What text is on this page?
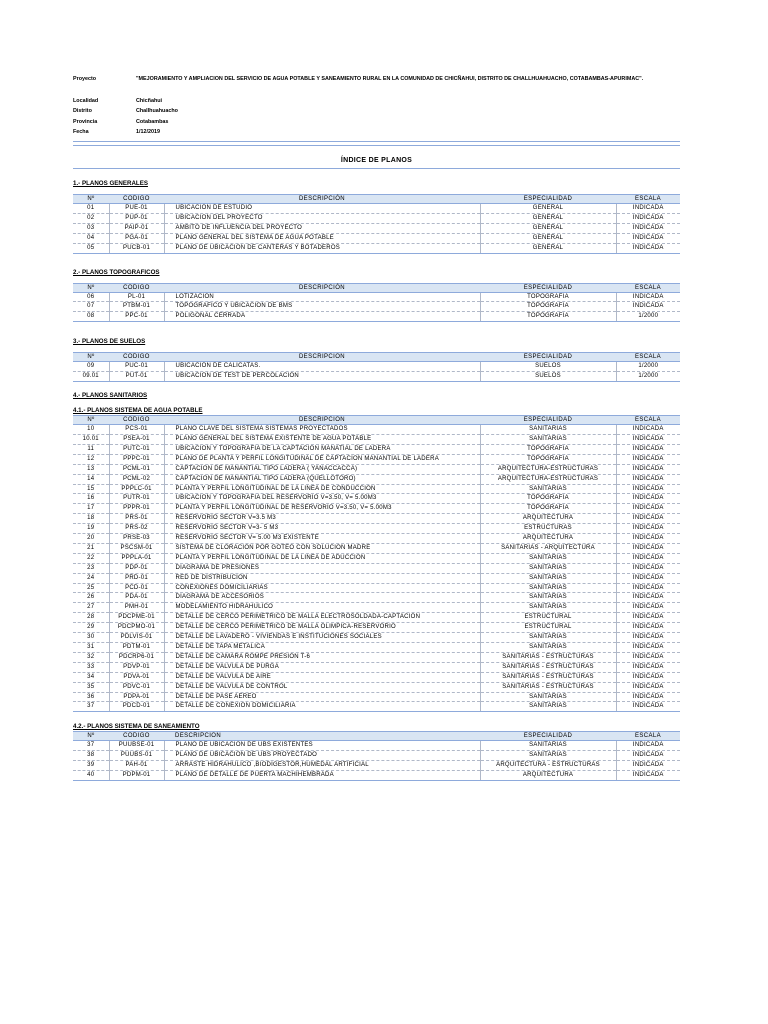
Proyecto	"MEJORAMIENTO Y AMPLIACION DEL SERVICIO DE AGUA POTABLE Y SANEAMIENTO RURAL EN LA COMUNIDAD DE CHICÑAHUI, DISTRITO DE CHALLHUAHUACHO, COTABAMBAS-APURIMAC".
Localidad	Chicñahui
Distrito	Challhuahuacho
Provincia	Cotabambas
Fecha	1/12/2019
ÍNDICE DE PLANOS
1.- PLANOS GENERALES
Nº	CODIGO	DESCRIPCIÓN	ESPECIALIDAD	ESCALA
01	PUE-01	UBICACIÓN DE ESTUDIO	GENERAL	INDICADA
02	PUP-01	UBICACIÓN DEL PROYECTO	GENERAL	INDICADA
03	PAIP-01	AMBITO DE INFLUENCIA DEL PROYECTO	GENERAL	INDICADA
04	PGA-01	PLANO GENERAL DEL SISTEMA DE AGUA POTABLE	GENERAL	INDICADA
05	PUCB-01	PLANO DE UBICACIÓN DE CANTERAS Y BOTADEROS	GENERAL	INDICADA
2.- PLANOS TOPOGRAFICOS
Nº	CODIGO	DESCRIPCIÓN	ESPECIALIDAD	ESCALA
06	PL-01	LOTIZACIÓN	TOPOGRAFIA	INDICADA
07	PTBM-01	TOPOGRAFICO Y UBICACIÓN DE BMS	TOPOGRAFIA	INDICADA
08	PPC-01	POLIGONAL CERRADA	TOPOGRAFIA	1/2000
3.- PLANOS DE SUELOS
Nº	CODIGO	DESCRIPCION	ESPECIALIDAD	ESCALA
09	PUC-01	UBICACIÓN DE CALICATAS.	SUELOS	1/2000
09.01	PUT-01	UBICACIÓN DE TEST DE PERCOLACION	SUELOS	1/2000
4.- PLANOS SANITARIOS
4.1.- PLANOS SISTEMA DE AGUA POTABLE
Nº	CODIGO	DESCRIPCION	ESPECIALIDAD	ESCALA
10	PCS-01	PLANO CLAVE DEL SISTEMA SISTEMAS PROYECTADOS	SANITARIAS	INDICADA
10.01	PSEA-01	PLANO GENERAL DEL SISTEMA EXISTENTE DE AGUA POTABLE	SANITARIAS	INDICADA
11	PUTC-01	UBICACIÓN Y TOPOGRAFIA DE LA CAPTACIÓN MANATIAL DE LADERA	TOPOGRAFIA	INDICADA
12	PPPC-01	PLANO DE PLANTA Y PERFIL LONGITUDINAL DE CAPTACION MANANTIAL DE LADERA	TOPOGRAFIA	INDICADA
13	PCML-01	CAPTACIÓN DE MANANTIAL TIPO LADERA ( YANACCACCA)	ARQUITECTURA-ESTRUCTURAS	INDICADA
14	PCML-02	CAPTACIÓN DE MANANTIAL TIPO LADERA (QUELLOTORO)	ARQUITECTURA-ESTRUCTURAS	INDICADA
15	PPPLC-01	PLANTA Y PERFIL LONGITUDINAL DE LA LINEA DE CONDUCCIÓN	SANITARIAS	INDICADA
16	PUTR-01	UBICACIÓN Y TOPOGRAFIA DEL RESERVORIO V=3.50, V= 5.00M3	TOPOGRAFIA	INDICADA
17	PPPR-01	PLANTA Y PERFIL LONGITUDINAL DE RESERVORIO V=3.50, V= 5.00M3	TOPOGRAFIA	INDICADA
18	PRS-01	RESERVORIO SECTOR V=3.5 M3	ARQUITECTURA	INDICADA
19	PRS-02	RESERVORIO SECTOR V=3- 5 M3	ESTRUCTURAS	INDICADA
20	PRSE-03	RESERVORIO SECTOR V= 5.00 M3 EXISTENTE	ARQUITECTURA	INDICADA
21	PSCSM-01	SISTEMA DE CLORACIÓN POR GOTEO CON SOLUCIÓN MADRE	SANITARIAS - ARQUITECTURA	INDICADA
22	PPPLA-01	PLANTA Y PERFIL LONGITUDINAL DE LA LINEA DE ADUCCIÓN	SANITARIAS	INDICADA
23	PDP-01	DIAGRAMA DE PRESIONES	SANITARIAS	INDICADA
24	PRD-01	RED DE DISTRIBUCIÓN	SANITARIAS	INDICADA
25	PCD-01	CONEXIONES DOMICILIARIAS	SANITARIAS	INDICADA
26	PDA-01	DIAGRAMA DE ACCESORIOS	SANITARIAS	INDICADA
27	PMH-01	MODELAMIENTO HIDRAHULICO	SANITARIAS	INDICADA
28	PDCPME-01	DETALLE DE CERCO PERIMETRICO DE MALLA ELECTROSOLDADA-CAPTACION	ESTRUCTURAL	INDICADA
29	PDCPMO-01	DETALLE DE CERCO PERIMETRICO DE MALLA OLIMPICA-RESERVORIO	ESTRUCTURAL	INDICADA
30	PDLVIS-01	DETALLE DE LAVADERO - VIVIENDAS E INSTITUCIONES SOCIALES	SANITARIAS	INDICADA
31	PDTM-01	DETALLE DE TAPA METALICA	SANITARIAS	INDICADA
32	PDCRP6-01	DETALLE DE CÁMARA ROMPE PRESIÓN T-6	SANITARIAS - ESTRUCTURAS	INDICADA
33	PDVP-01	DETALLE DE VALVULA DE PURGA	SANITARIAS - ESTRUCTURAS	INDICADA
34	PDVA-01	DETALLE DE VALVULA DE AIRE	SANITARIAS - ESTRUCTURAS	INDICADA
35	PDVC-01	DETALLE DE VALVULA DE CONTROL	SANITARIAS - ESTRUCTURAS	INDICADA
36	PDPA-01	DETALLE DE PASE AEREO	SANITARIAS	INDICADA
37	PDCD-01	DETALLE DE CONEXIÓN DOMICILIARIA	SANITARIAS	INDICADA
4.2.- PLANOS SISTEMA DE SANEAMIENTO
Nº	CODIGO	DESCRIPCION	ESPECIALIDAD	ESCALA
37	PUUBSE-01	PLANO DE UBICACIÓN DE UBS EXISTENTES	SANITARIAS	INDICADA
38	PUUBS-01	PLANO DE UBICACIÓN DE UBS PROYECTADO	SANITARIAS	INDICADA
39	PAH-01	ARRASTE HIDRAHULICO ,BIODIGESTOR,HUMEDAL ARTIFICIAL	ARQUITECTURA - ESTRUCTURAS	INDICADA
40	PDPM-01	PLANO DE DETALLE DE PUERTA MACHIHEMBRADA	ARQUITECTURA	INDICADA
